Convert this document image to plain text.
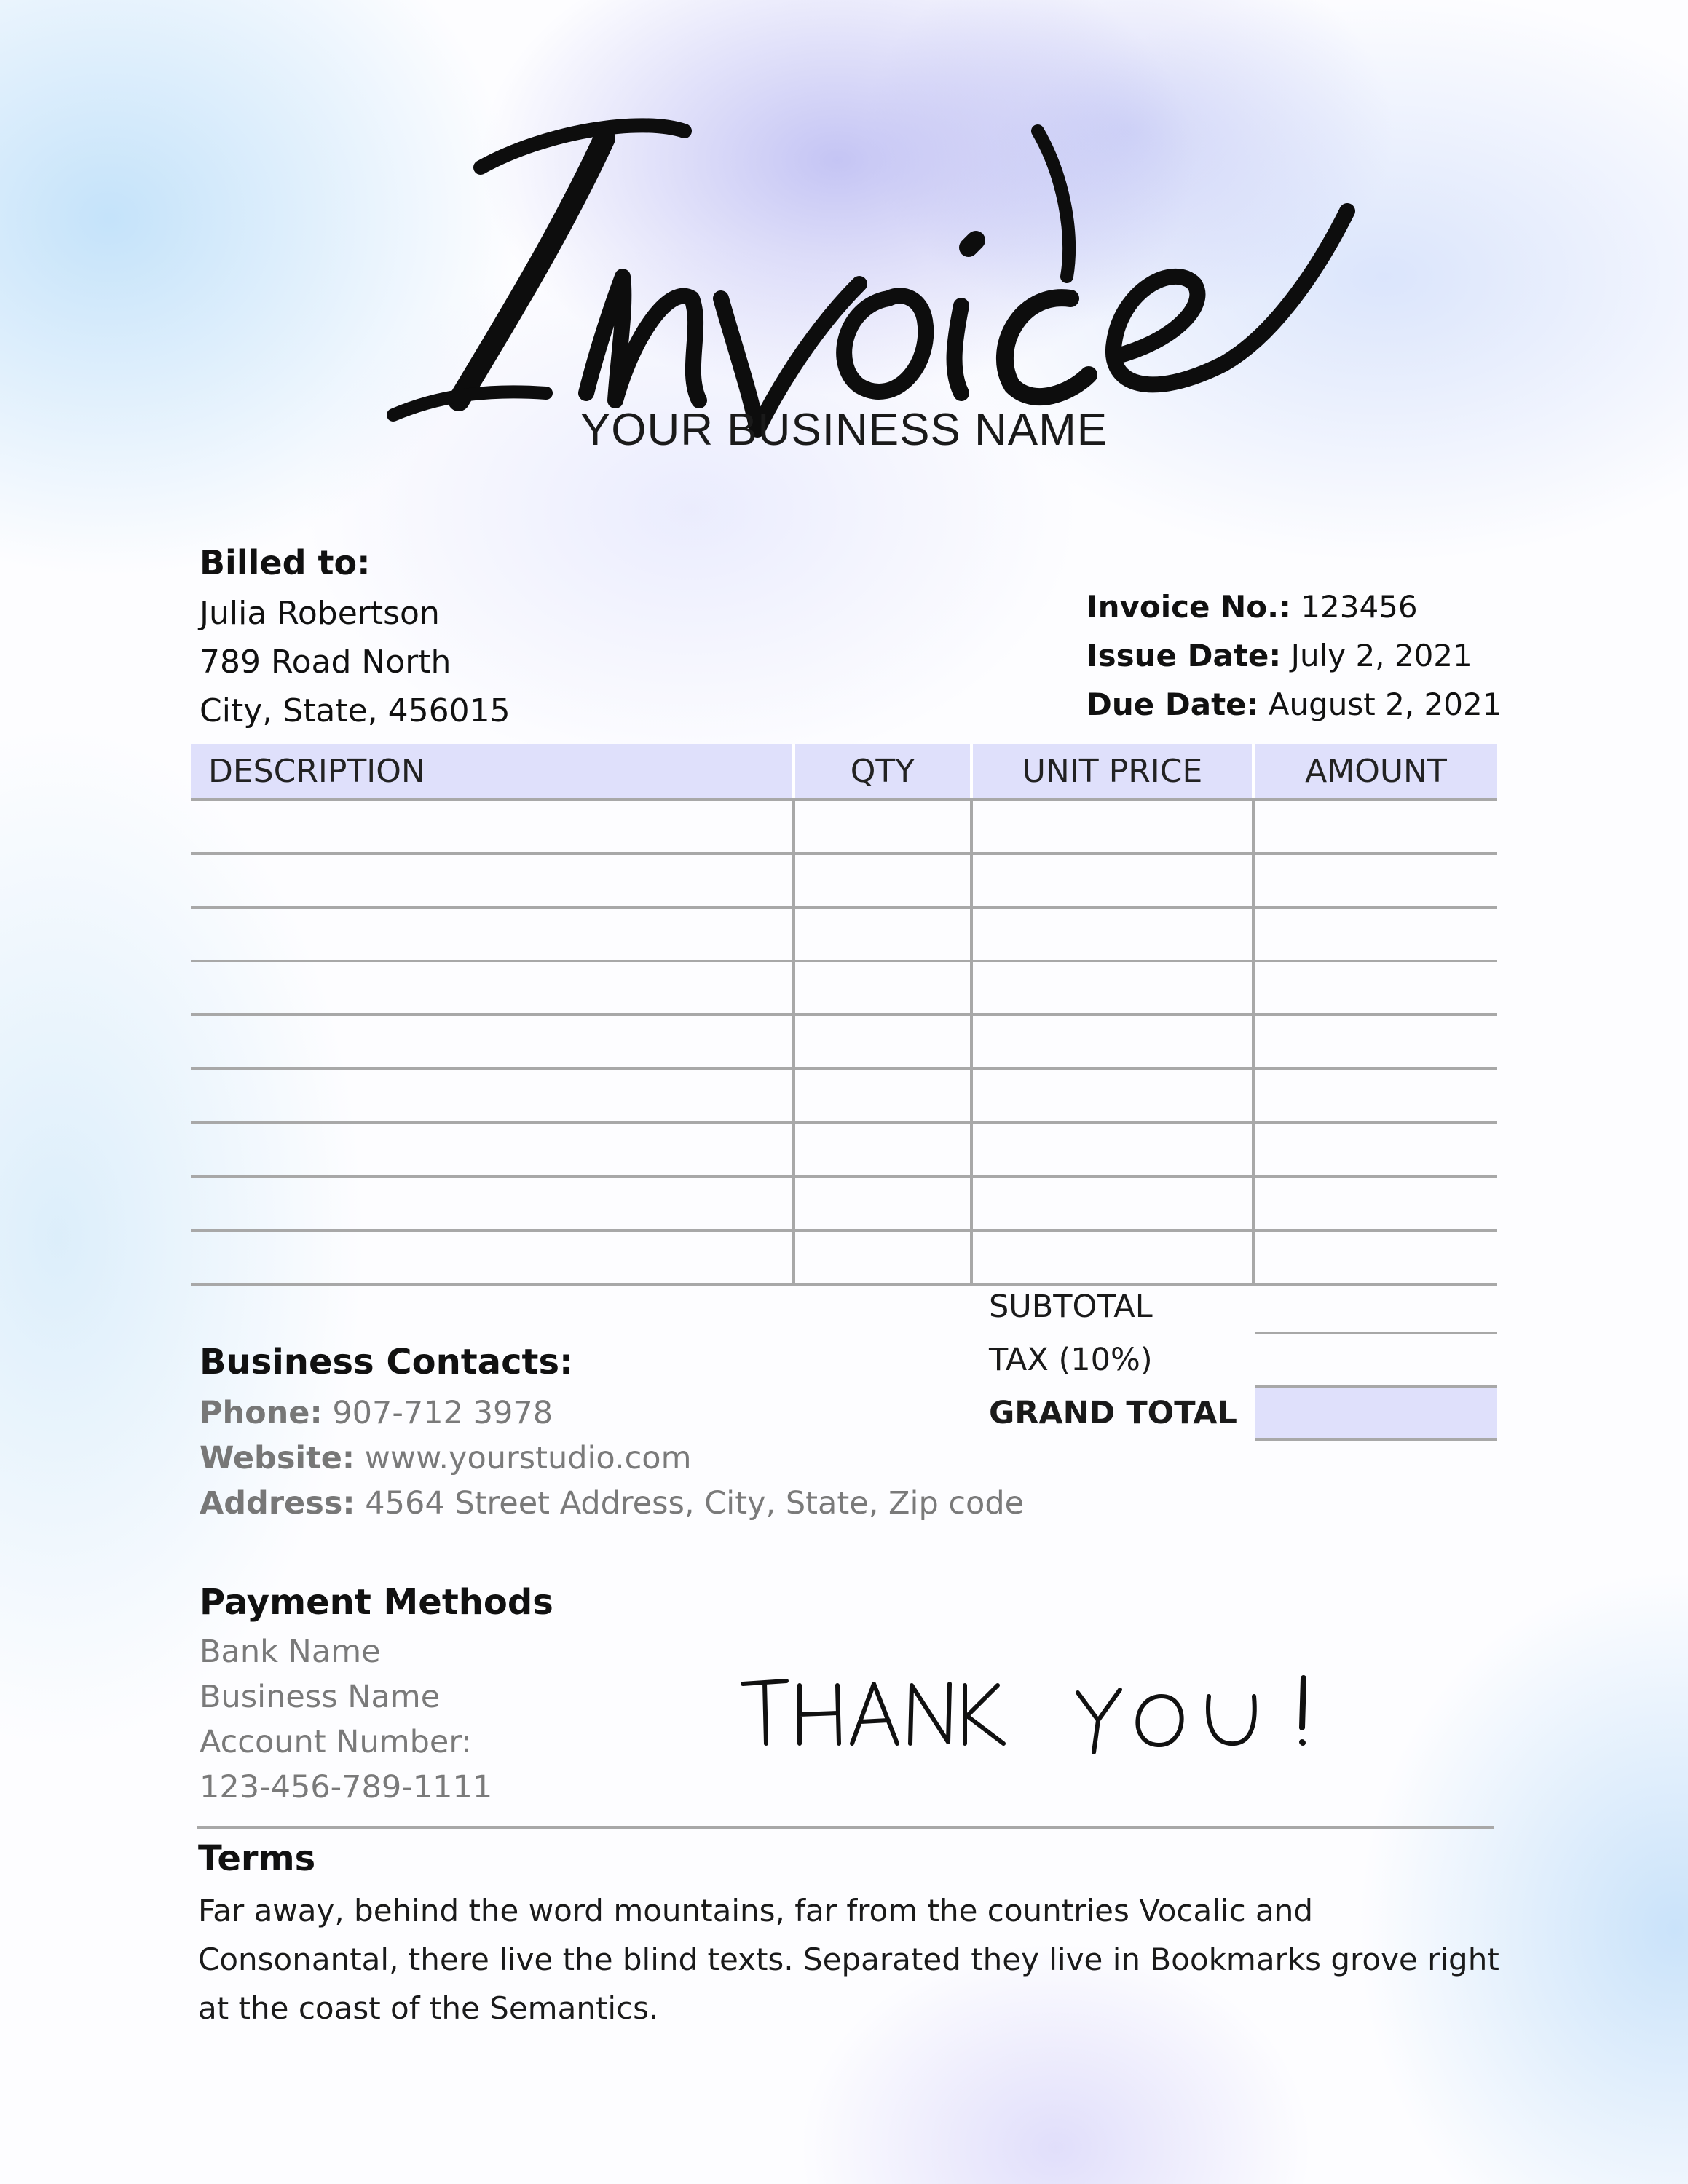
YOUR BUSINESS NAME
Billed to:
Julia Robertson
789 Road North
City, State, 456015
Invoice No.: 123456
Issue Date: July 2, 2021
Due Date: August 2, 2021
DESCRIPTION	QTY	UNIT PRICE	AMOUNT

SUBTOTAL
TAX (10%)
GRAND TOTAL
Business Contacts:
Phone: 907-712 3978
Website: www.yourstudio.com
Address: 4564 Street Address, City, State, Zip code
Payment Methods
Bank Name
Business Name
Account Number:
123-456-789-1111
Terms
Far away, behind the word mountains, far from the countries Vocalic and Consonantal, there live the blind texts. Separated they live in Bookmarks grove right at the coast of the Semantics.
